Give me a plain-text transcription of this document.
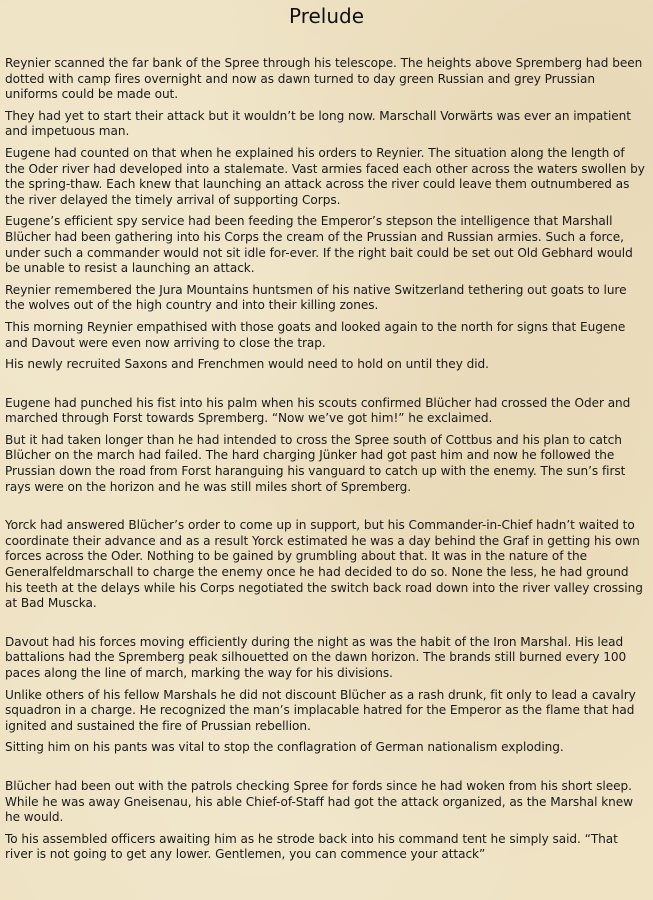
Prelude

Reynier scanned the far bank of the Spree through his telescope. The heights above Spremberg had been dotted with camp fires overnight and now as dawn turned to day green Russian and grey Prussian uniforms could be made out.

They had yet to start their attack but it wouldn’t be long now. Marschall Vorwärts was ever an impatient and impetuous man.

Eugene had counted on that when he explained his orders to Reynier. The situation along the length of the Oder river had developed into a stalemate. Vast armies faced each other across the waters swollen by the spring-thaw. Each knew that launching an attack across the river could leave them outnumbered as the river delayed the timely arrival of supporting Corps.

Eugene’s efficient spy service had been feeding the Emperor’s stepson the intelligence that Marshall Blücher had been gathering into his Corps the cream of the Prussian and Russian armies. Such a force, under such a commander would not sit idle for-ever. If the right bait could be set out Old Gebhard would be unable to resist a launching an attack.

Reynier remembered the Jura Mountains huntsmen of his native Switzerland tethering out goats to lure the wolves out of the high country and into their killing zones.

This morning Reynier empathised with those goats and looked again to the north for signs that Eugene and Davout were even now arriving to close the trap.

His newly recruited Saxons and Frenchmen would need to hold on until they did.

Eugene had punched his fist into his palm when his scouts confirmed Blücher had crossed the Oder and marched through Forst towards Spremberg. “Now we’ve got him!” he exclaimed.

But it had taken longer than he had intended to cross the Spree south of Cottbus and his plan to catch Blücher on the march had failed. The hard charging Jünker had got past him and now he followed the Prussian down the road from Forst haranguing his vanguard to catch up with the enemy. The sun’s first rays were on the horizon and he was still miles short of Spremberg.

Yorck had answered Blücher’s order to come up in support, but his Commander-in-Chief hadn’t waited to coordinate their advance and as a result Yorck estimated he was a day behind the Graf in getting his own forces across the Oder. Nothing to be gained by grumbling about that. It was in the nature of the Generalfeldmarschall to charge the enemy once he had decided to do so. None the less, he had ground his teeth at the delays while his Corps negotiated the switch back road down into the river valley crossing at Bad Muscka.

Davout had his forces moving efficiently during the night as was the habit of the Iron Marshal. His lead battalions had the Spremberg peak silhouetted on the dawn horizon. The brands still burned every 100 paces along the line of march, marking the way for his divisions.

Unlike others of his fellow Marshals he did not discount Blücher as a rash drunk, fit only to lead a cavalry squadron in a charge. He recognized the man’s implacable hatred for the Emperor as the flame that had ignited and sustained the fire of Prussian rebellion.

Sitting him on his pants was vital to stop the conflagration of German nationalism exploding.

Blücher had been out with the patrols checking Spree for fords since he had woken from his short sleep. While he was away Gneisenau, his able Chief-of-Staff had got the attack organized, as the Marshal knew he would.

To his assembled officers awaiting him as he strode back into his command tent he simply said. “That river is not going to get any lower. Gentlemen, you can commence your attack”
